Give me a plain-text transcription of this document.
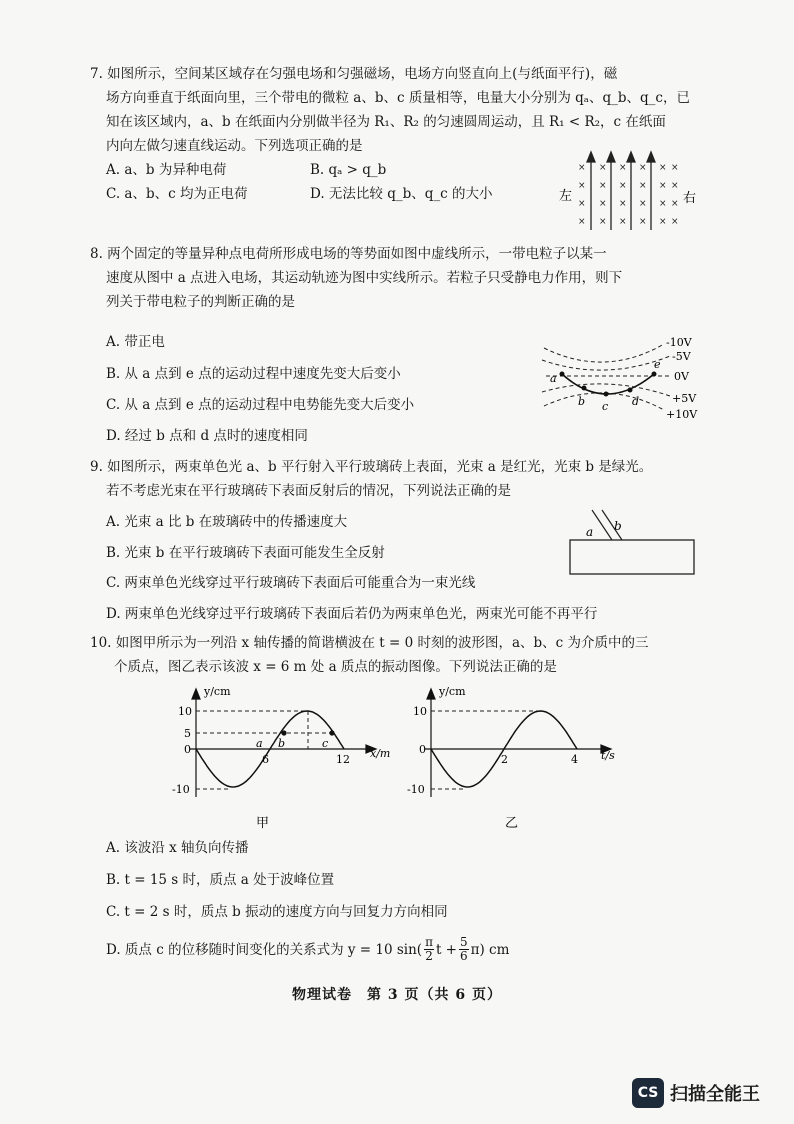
7. 如图所示，空间某区域存在匀强电场和匀强磁场，电场方向竖直向上(与纸面平行)，磁
场方向垂直于纸面向里，三个带电的微粒 a、b、c 质量相等，电量大小分别为 qₐ、q_b、q_c，已
知在该区域内，a、b 在纸面内分别做半径为 R₁、R₂ 的匀速圆周运动，且 R₁ < R₂，c 在纸面
内向左做匀速直线运动。下列选项正确的是
A. a、b 为异种电荷	B. qₐ > q_b
C. a、b、c 均为正电荷	D. 无法比较 q_b、q_c 的大小	左	右
× × × × × ×
× × × × × ×
× × × × × ×
× × × × × ×
8. 两个固定的等量异种点电荷所形成电场的等势面如图中虚线所示，一带电粒子以某一
速度从图中 a 点进入电场，其运动轨迹为图中实线所示。若粒子只受静电力作用，则下
列关于带电粒子的判断正确的是
A. 带正电
B. 从 a 点到 e 点的运动过程中速度先变大后变小
C. 从 a 点到 e 点的运动过程中电势能先变大后变小
D. 经过 b 点和 d 点时的速度相同
a
b c d
e
-10V
-5V
0V
+5V
+10V
9. 如图所示，两束单色光 a、b 平行射入平行玻璃砖上表面，光束 a 是红光，光束 b 是绿光。
若不考虑光束在平行玻璃砖下表面反射后的情况，下列说法正确的是
A. 光束 a 比 b 在玻璃砖中的传播速度大
B. 光束 b 在平行玻璃砖下表面可能发生全反射
C. 两束单色光线穿过平行玻璃砖下表面后可能重合为一束光线
D. 两束单色光线穿过平行玻璃砖下表面后若仍为两束单色光，两束光可能不再平行
a b
10. 如图甲所示为一列沿 x 轴传播的简谐横波在 t = 0 时刻的波形图，a、b、c 为介质中的三
个质点，图乙表示该波 x = 6 m 处 a 质点的振动图像。下列说法正确的是
y/cm
x/m
10
5
0
-10
6	12
a b	c
甲
y/cm
t/s
10
0
-10
2	4
乙
A. 该波沿 x 轴负向传播
B. t = 15 s 时，质点 a 处于波峰位置
C. t = 2 s 时，质点 b 振动的速度方向与回复力方向相同
D. 质点 c 的位移随时间变化的关系式为 y = 10 sin( π
2 $t + \frac{5}{6}$ π ) cm
物理试卷　第 3 页（共 6 页）
CS 扫描全能王
